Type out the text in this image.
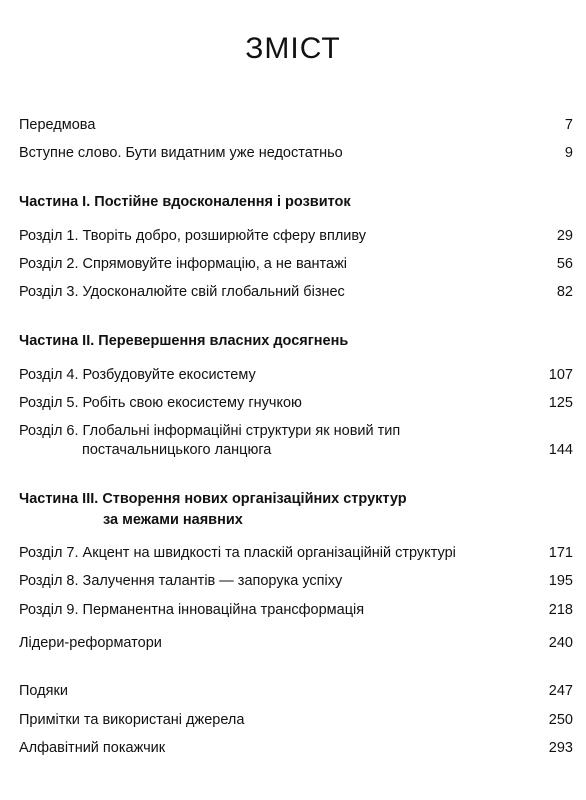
ЗМІСТ
Передмова	7
Вступне слово. Бути видатним уже недостатньо	9
Частина І. Постійне вдосконалення і розвиток
Розділ 1. Творіть добро, розширюйте сферу впливу	29
Розділ 2. Спрямовуйте інформацію, а не вантажі	56
Розділ 3. Удосконалюйте свій глобальний бізнес	82
Частина ІІ. Перевершення власних досягнень
Розділ 4. Розбудовуйте екосистему	107
Розділ 5. Робіть свою екосистему гнучкою	125
Розділ 6. Глобальні інформаційні структури як новий тип
постачальницького ланцюга	144
Частина ІІІ. Створення нових організаційних структур
за межами наявних
Розділ 7. Акцент на швидкості та пласкій організаційній структурі	171
Розділ 8. Залучення талантів — запорука успіху	195
Розділ 9. Перманентна інноваційна трансформація	218
Лідери-реформатори	240
Подяки	247
Примітки та використані джерела	250
Алфавітний покажчик	293
